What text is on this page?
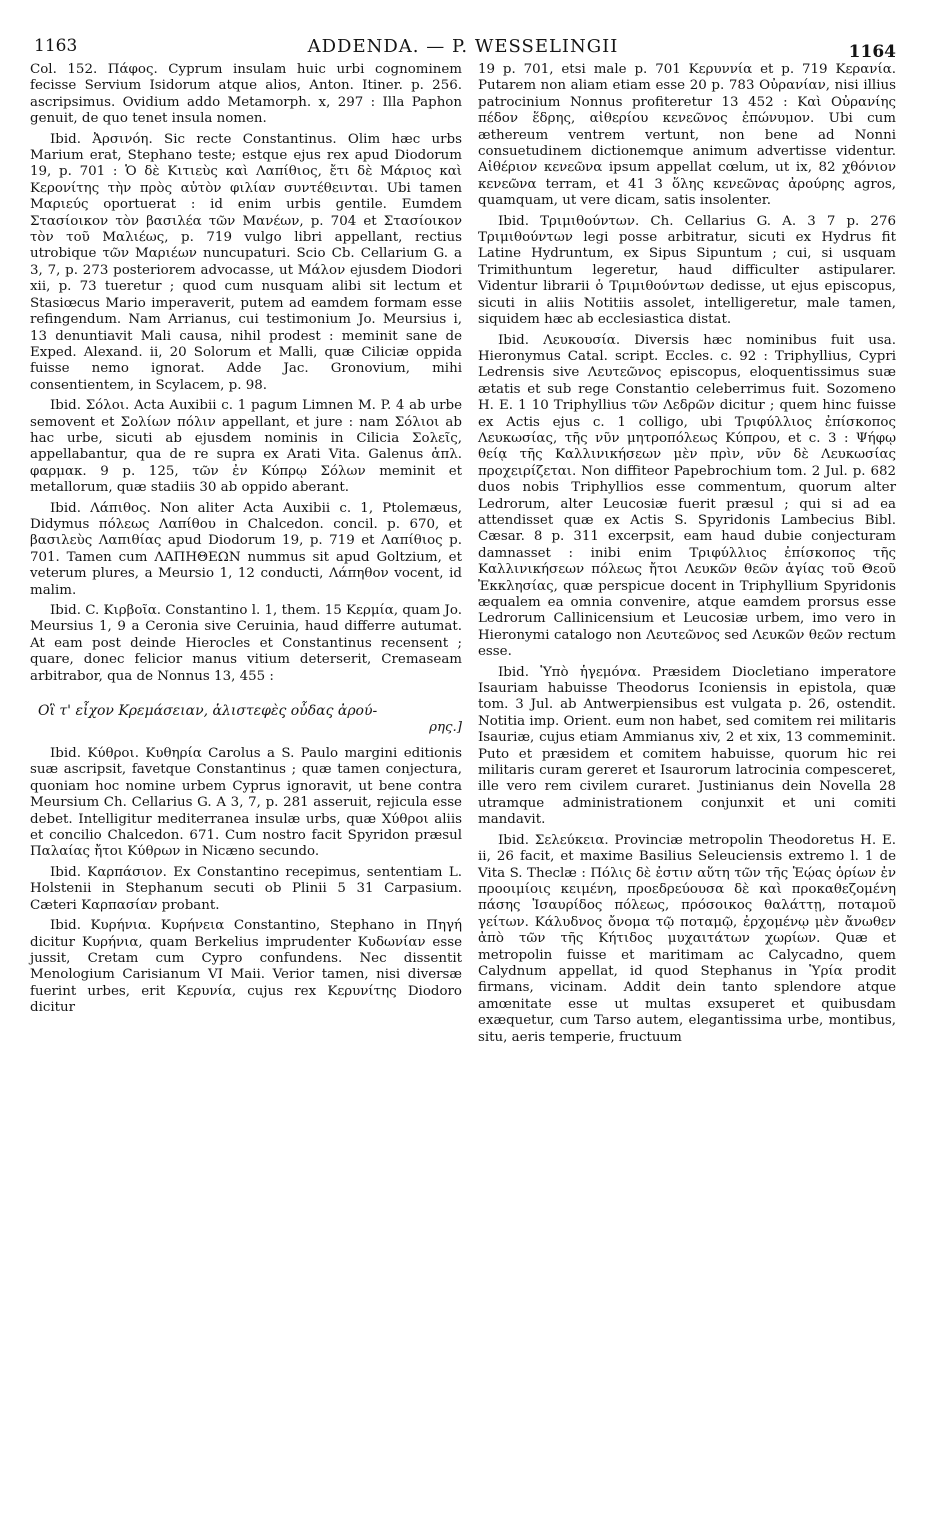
1163	ADDENDA. — P. WESSELINGII	1164

Col. 152. Πάφος. Cyprum insulam huic urbi cognominem fecisse Servium Isidorum atque alios, Anton. Itiner. p. 256. ascripsimus. Ovidium addo Metamorph. x, 297 : Illa Paphon genuit, de quo tenet insula nomen.

Ibid. Ἀρσινόη. Sic recte Constantinus. Olim hæc urbs Marium erat, Stephano teste; estque ejus rex apud Diodorum 19, p. 701 : Ὁ δὲ Κιτιεὺς καὶ Λαπίθιος, ἔτι δὲ Μάριος καὶ Κερονίτης τὴν πρὸς αὐτὸν φιλίαν συντέθεινται. Ubi tamen Μαριεύς oportuerat : id enim urbis gentile. Eumdem Στασίοικον τὸν βασιλέα τῶν Μανέων, p. 704 et Στασίοικον τὸν τοῦ Μαλιέως, p. 719 vulgo libri appellant, rectius utrobique τῶν Μαριέων nuncupaturi. Scio Cb. Cellarium G. a 3, 7, p. 273 posteriorem advocasse, ut Μάλον ejusdem Diodori xii, p. 73 tueretur ; quod cum nusquam alibi sit lectum et Stasiœcus Mario imperaverit, putem ad eamdem formam esse refingendum. Nam Arrianus, cui testimonium Jo. Meursius i, 13 denuntiavit Mali causa, nihil prodest : meminit sane de Exped. Alexand. ii, 20 Solorum et Malli, quæ Ciliciæ oppida fuisse nemo ignorat. Adde Jac. Gronovium, mihi consentientem, in Scylacem, p. 98.

Ibid. Σόλοι. Acta Auxibii c. 1 pagum Limnen M. P. 4 ab urbe semovent et Σολίων πόλιν appellant, et jure : nam Σόλιοι ab hac urbe, sicuti ab ejusdem nominis in Cilicia Σολεῖς, appellabantur, qua de re supra ex Arati Vita. Galenus ἁπλ. φαρμακ. 9 p. 125, τῶν ἐν Κύπρῳ Σόλων meminit et metallorum, quæ stadiis 30 ab oppido aberant.

Ibid. Λάπιθος. Non aliter Acta Auxibii c. 1, Ptolemæus, Didymus πόλεως Λαπίθου in Chalcedon. concil. p. 670, et βασιλεὺς Λαπιθίας apud Diodorum 19, p. 719 et Λαπίθιος p. 701. Tamen cum ΛΑΠΗΘΕΩΝ nummus sit apud Goltzium, et veterum plures, a Meursio 1, 12 conducti, Λάπηθον vocent, id malim.

Ibid. C. Κιρβοῖα. Constantino l. 1, them. 15 Κερμία, quam Jo. Meursius 1, 9 a Ceronia sive Ceruinia, haud differre autumat. At eam post deinde Hierocles et Constantinus recensent ; quare, donec felicior manus vitium deterserit, Cremaseam arbitrabor, qua de Nonnus 13, 455 :

Οἳ τ' εἶχον Κρεμάσειαν, ἁλιστεφὲς οὖδας ἀρού-
ρης.]

Ibid. Κύθροι. Κυθηρία Carolus a S. Paulo margini editionis suæ ascripsit, favetque Constantinus ; quæ tamen conjectura, quoniam hoc nomine urbem Cyprus ignoravit, ut bene contra Meursium Ch. Cellarius G. A 3, 7, p. 281 asseruit, rejicula esse debet. Intelligitur mediterranea insulæ urbs, quæ Χύθροι aliis et concilio Chalcedon. 671. Cum nostro facit Spyridon præsul Παλαίας ἤτοι Κύθρων in Nicæno secundo.

Ibid. Καρπάσιον. Ex Constantino recepimus, sententiam L. Holstenii in Stephanum secuti ob Plinii 5 31 Carpasium. Cæteri Καρπασίαν probant.

Ibid. Κυρήνια. Κυρήνεια Constantino, Stephano in Πηγή dicitur Κυρήνια, quam Berkelius imprudenter Κυδωνίαν esse jussit, Cretam cum Cypro confundens. Nec dissentit Menologium Carisianum VI Maii. Verior tamen, nisi diversæ fuerint urbes, erit Κερυνία, cujus rex Κερυνίτης Diodoro dicitur

19 p. 701, etsi male p. 701 Κερυννία et p. 719 Κερανία. Putarem non aliam etiam esse 20 p. 783 Οὐρανίαν, nisi illius patrocinium Nonnus profiteretur 13 452 : Καὶ Οὐρανίης πέδον ἕδρης, αἰθερίου κενεῶνος ἐπώνυμον. Ubi cum æthereum ventrem vertunt, non bene ad Nonni consuetudinem dictionemque animum advertisse videntur. Αἰθέριον κενεῶνα ipsum appellat cœlum, ut ix, 82 χθόνιον κενεῶνα terram, et 41 3 ὅλης κενεῶνας ἀρούρης agros, quamquam, ut vere dicam, satis insolenter.

Ibid. Τριμιθούντων. Ch. Cellarius G. A. 3 7 p. 276 Τριμιθούντων legi posse arbitratur, sicuti ex Hydrus fit Latine Hydruntum, ex Sipus Sipuntum ; cui, si usquam Trimithuntum legeretur, haud difficulter astipularer. Videntur librarii ὁ Τριμιθούντων dedisse, ut ejus episcopus, sicuti in aliis Notitiis assolet, intelligeretur, male tamen, siquidem hæc ab ecclesiastica distat.

Ibid. Λευκουσία. Diversis hæc nominibus fuit usa. Hieronymus Catal. script. Eccles. c. 92 : Triphyllius, Cypri Ledrensis sive Λευτεῶνος episcopus, eloquentissimus suæ ætatis et sub rege Constantio celeberrimus fuit. Sozomeno H. E. 1 10 Triphyllius τῶν Λεδρῶν dicitur ; quem hinc fuisse ex Actis ejus c. 1 colligo, ubi Τριφύλλιος ἐπίσκοπος Λευκωσίας, τῆς νῦν μητροπόλεως Κύπρου, et c. 3 : Ψήφῳ θείᾳ τῆς Καλλινικήσεων μὲν πρὶν, νῦν δὲ Λευκωσίας προχειρίζεται. Non diffiteor Papebrochium tom. 2 Jul. p. 682 duos nobis Triphyllios esse commentum, quorum alter Ledrorum, alter Leucosiæ fuerit præsul ; qui si ad ea attendisset quæ ex Actis S. Spyridonis Lambecius Bibl. Cæsar. 8 p. 311 excerpsit, eam haud dubie conjecturam damnasset : inibi enim Τριφύλλιος ἐπίσκοπος τῆς Καλλινικήσεων πόλεως ἤτοι Λευκῶν θεῶν ἁγίας τοῦ Θεοῦ Ἐκκλησίας, quæ perspicue docent in Triphyllium Spyridonis æqualem ea omnia convenire, atque eamdem prorsus esse Ledrorum Callinicensium et Leucosiæ urbem, imo vero in Hieronymi catalogo non Λευτεῶνος sed Λευκῶν θεῶν rectum esse.

Ibid. Ὑπὸ ἡγεμόνα. Præsidem Diocletiano imperatore Isauriam habuisse Theodorus Iconiensis in epistola, quæ tom. 3 Jul. ab Antwerpiensibus est vulgata p. 26, ostendit. Notitia imp. Orient. eum non habet, sed comitem rei militaris Isauriæ, cujus etiam Ammianus xiv, 2 et xix, 13 commeminit. Puto et præsidem et comitem habuisse, quorum hic rei militaris curam gereret et Isaurorum latrocinia compesceret, ille vero rem civilem curaret. Justinianus dein Novella 28 utramque administrationem conjunxit et uni comiti mandavit.

Ibid. Σελεύκεια. Provinciæ metropolin Theodoretus H. E. ii, 26 facit, et maxime Basilius Seleuciensis extremo l. 1 de Vita S. Theclæ : Πόλις δὲ ἐστιν αὕτη τῶν τῆς Ἑῴας ὁρίων ἐν προοιμίοις κειμένη, προεδρεύουσα δὲ καὶ προκαθεζομένη πάσης Ἰσαυρίδος πόλεως, πρόσοικος θαλάττῃ, ποταμοῦ γείτων. Κάλυδνος ὄνομα τῷ ποταμῷ, ἐρχομένῳ μὲν ἄνωθεν ἀπὸ τῶν τῆς Κήτιδος μυχαιτάτων χωρίων. Quæ et metropolin fuisse et maritimam ac Calycadno, quem Calydnum appellat, id quod Stephanus in Ὑρία prodit firmans, vicinam. Addit dein tanto splendore atque amœnitate esse ut multas exsuperet et quibusdam exæquetur, cum Tarso autem, elegantissima urbe, montibus, situ, aeris temperie, fructuum
